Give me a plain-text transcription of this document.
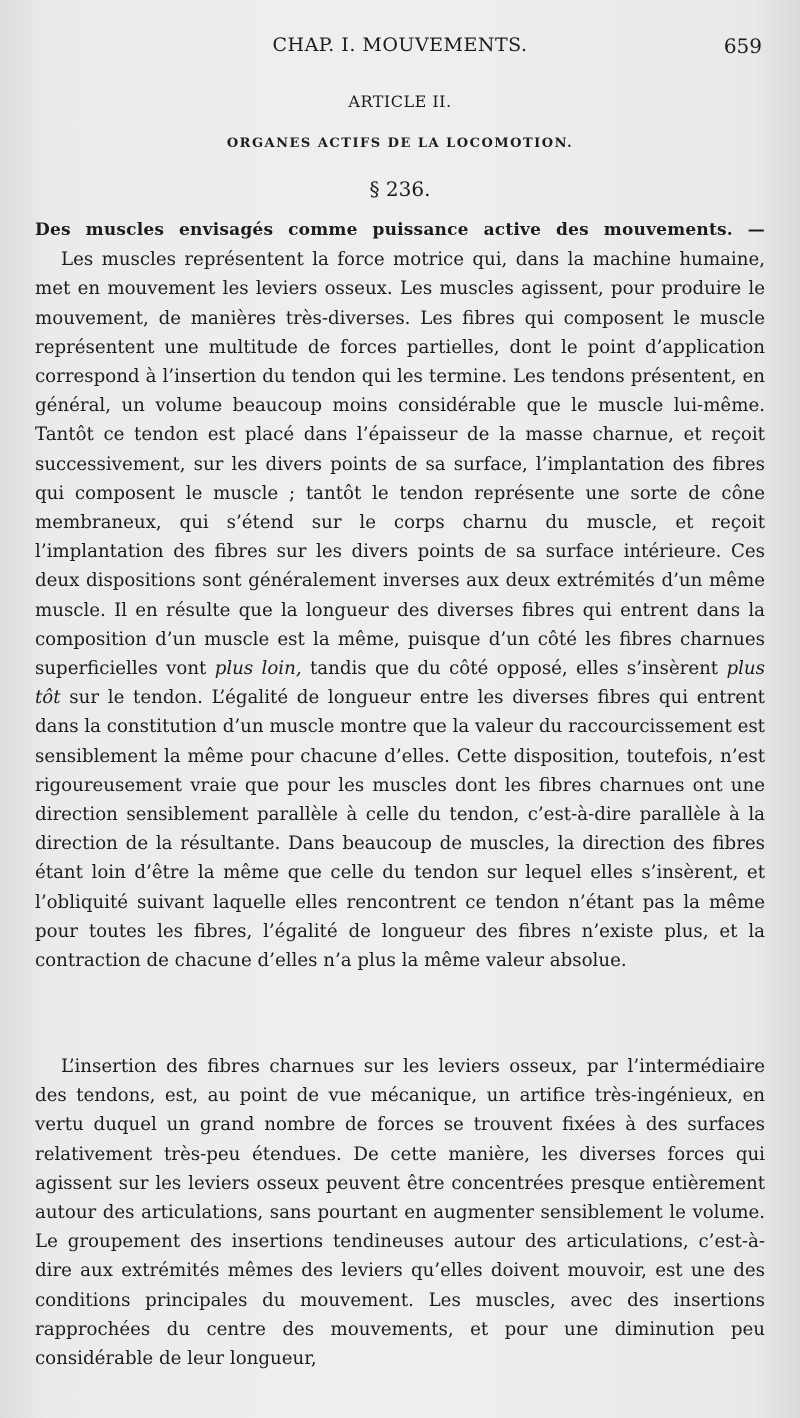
CHAP. I. MOUVEMENTS.	659
ARTICLE II.
ORGANES ACTIFS DE LA LOCOMOTION.
§ 236.
Des muscles envisagés comme puissance active des mouvements. —
Les muscles représentent la force motrice qui, dans la machine humaine, met en mouvement les leviers osseux. Les muscles agissent, pour produire le mouvement, de manières très-diverses. Les fibres qui composent le muscle représentent une multitude de forces partielles, dont le point d’application correspond à l’insertion du tendon qui les termine. Les tendons présentent, en général, un volume beaucoup moins considérable que le muscle lui-même. Tantôt ce tendon est placé dans l’épaisseur de la masse charnue, et reçoit successivement, sur les divers points de sa surface, l’implantation des fibres qui composent le muscle ; tantôt le tendon représente une sorte de cône membraneux, qui s’étend sur le corps charnu du muscle, et reçoit l’implantation des fibres sur les divers points de sa surface intérieure. Ces deux dispositions sont généralement inverses aux deux extrémités d’un même muscle. Il en résulte que la longueur des diverses fibres qui entrent dans la composition d’un muscle est la même, puisque d’un côté les fibres charnues superficielles vont plus loin, tandis que du côté opposé, elles s’insèrent plus tôt sur le tendon. L’égalité de longueur entre les diverses fibres qui entrent dans la constitution d’un muscle montre que la valeur du raccourcissement est sensiblement la même pour chacune d’elles. Cette disposition, toutefois, n’est rigoureusement vraie que pour les muscles dont les fibres charnues ont une direction sensiblement parallèle à celle du tendon, c’est-à-dire parallèle à la direction de la résultante. Dans beaucoup de muscles, la direction des fibres étant loin d’être la même que celle du tendon sur lequel elles s’insèrent, et l’obliquité suivant laquelle elles rencontrent ce tendon n’étant pas la même pour toutes les fibres, l’égalité de longueur des fibres n’existe plus, et la contraction de chacune d’elles n’a plus la même valeur absolue.
L’insertion des fibres charnues sur les leviers osseux, par l’intermédiaire des tendons, est, au point de vue mécanique, un artifice très-ingénieux, en vertu duquel un grand nombre de forces se trouvent fixées à des surfaces relativement très-peu étendues. De cette manière, les diverses forces qui agissent sur les leviers osseux peuvent être concentrées presque entièrement autour des articulations, sans pourtant en augmenter sensiblement le volume. Le groupement des insertions tendineuses autour des articulations, c’est-à-dire aux extrémités mêmes des leviers qu’elles doivent mouvoir, est une des conditions principales du mouvement. Les muscles, avec des insertions rapprochées du centre des mouvements, et pour une diminution peu considérable de leur longueur,
